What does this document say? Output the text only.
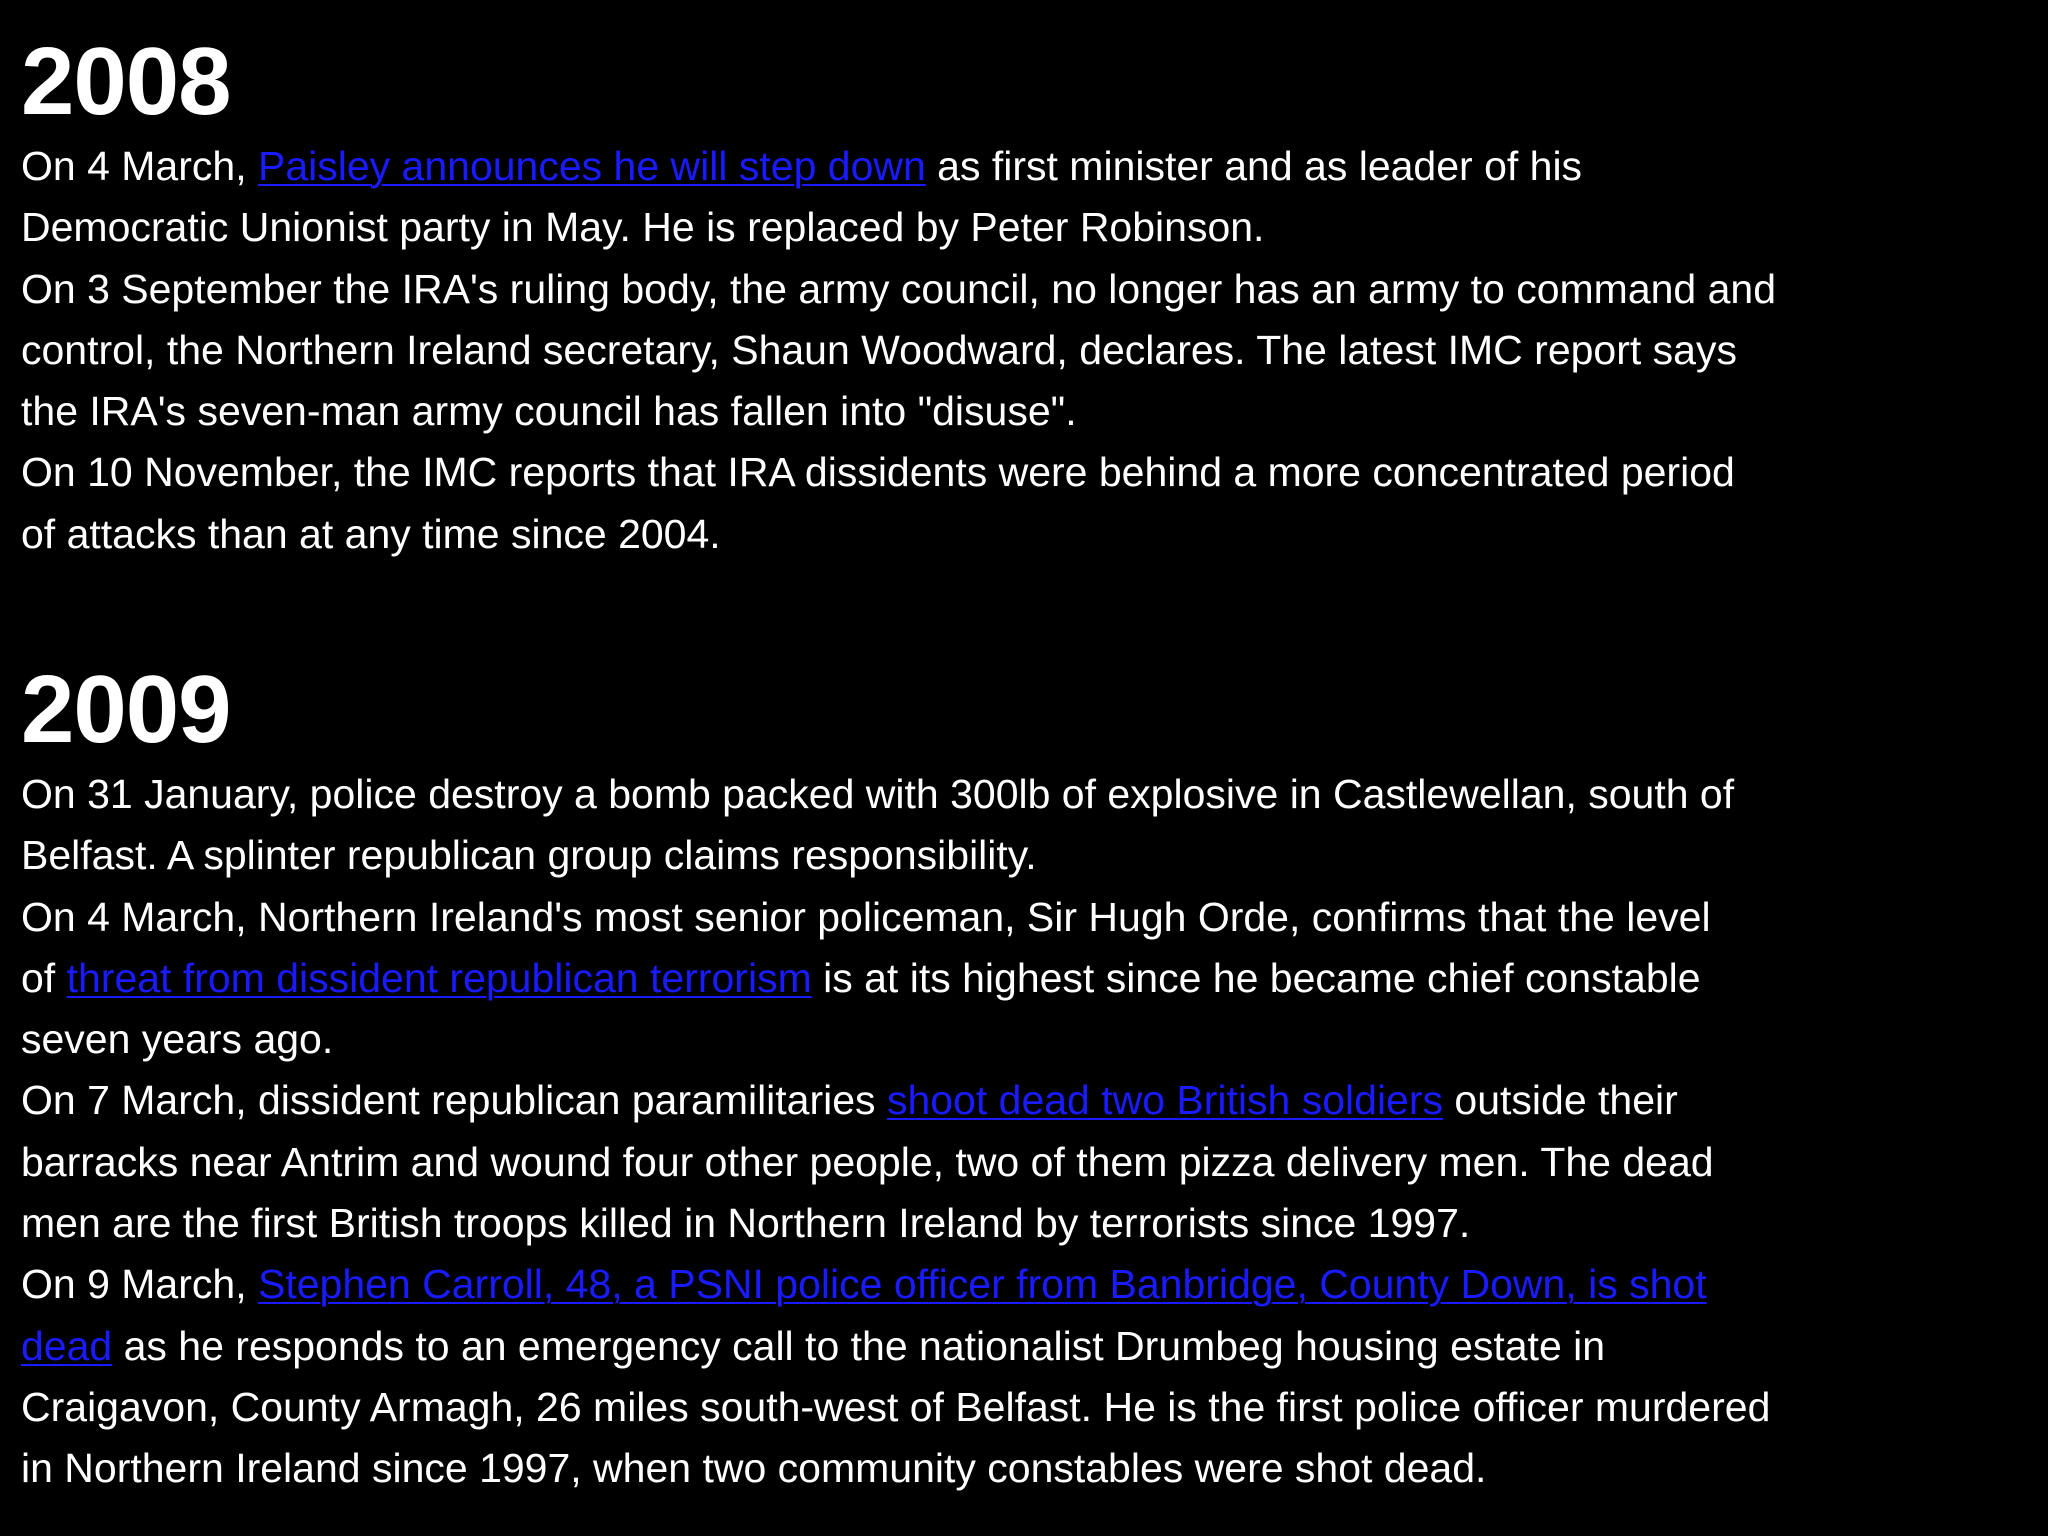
2008
On 4 March, Paisley announces he will step down as first minister and as leader of his
Democratic Unionist party in May. He is replaced by Peter Robinson.
On 3 September the IRA's ruling body, the army council, no longer has an army to command and
control, the Northern Ireland secretary, Shaun Woodward, declares. The latest IMC report says
the IRA's seven-man army council has fallen into "disuse".
On 10 November, the IMC reports that IRA dissidents were behind a more concentrated period
of attacks than at any time since 2004.
2009
On 31 January, police destroy a bomb packed with 300lb of explosive in Castlewellan, south of
Belfast. A splinter republican group claims responsibility.
On 4 March, Northern Ireland's most senior policeman, Sir Hugh Orde, confirms that the level
of threat from dissident republican terrorism is at its highest since he became chief constable
seven years ago.
On 7 March, dissident republican paramilitaries shoot dead two British soldiers outside their
barracks near Antrim and wound four other people, two of them pizza delivery men. The dead
men are the first British troops killed in Northern Ireland by terrorists since 1997.
On 9 March, Stephen Carroll, 48, a PSNI police officer from Banbridge, County Down, is shot
dead as he responds to an emergency call to the nationalist Drumbeg housing estate in
Craigavon, County Armagh, 26 miles south-west of Belfast. He is the first police officer murdered
in Northern Ireland since 1997, when two community constables were shot dead.
